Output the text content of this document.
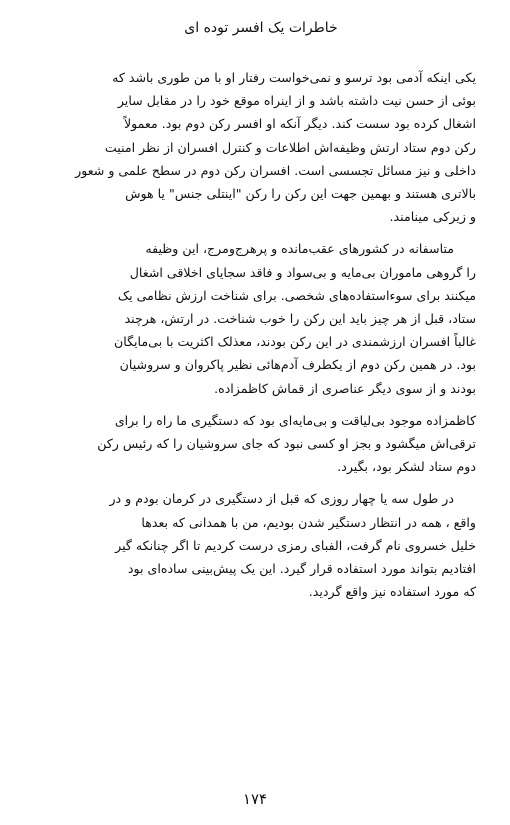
خاطرات یک افسر توده ای

یکی اینکه آدمی بود ترسو و نمی‌خواست رفتار او با من طوری باشد که
بوئی از حسن نیت داشته باشد و از اینراه موقع خود را در مقابل سایر
اشغال کرده بود سست کند. دیگر آنکه او افسر رکن دوم بود. معمولاً
رکن دوم ستاد ارتش وظیفه‌اش اطلاعات و کنترل افسران از نظر امنیت
داخلی و نیز مسائل تجسسی است. افسران رکن دوم در سطح علمی و شعور
بالاتری هستند و بهمین جهت این رکن را رکن "اینتلی جنس" یا هوش
و زیرکی مینامند.

متاسفانه در کشورهای عقب‌مانده و پرهرج‌ومرج، این وظیفه
را گروهی ماموران بی‌مایه و بی‌سواد و فاقد سجایای اخلاقی اشغال
میکنند برای سوءاستفاده‌های شخصی. برای شناخت ارزش نظامی یک
ستاد، قبل از هر چیز باید این رکن را خوب شناخت. در ارتش، هرچند
غالباً افسران ارزشمندی در این رکن بودند، معذلک اکثریت با بی‌مایگان
بود. در همین رکن دوم از یکطرف آدم‌هائی نظیر پاکروان و سروشیان
بودند و از سوی دیگر عناصری از قماش کاظمزاده.

کاظمزاده موجود بی‌لیاقت و بی‌مایه‌ای بود که دستگیری ما راه را برای
ترقی‌اش میگشود و بجز او کسی نبود که جای سروشیان را که رئیس رکن
دوم ستاد لشکر بود، بگیرد.

در طول سه یا چهار روزی که قبل از دستگیری در کرمان بودم و در
واقع ، همه در انتظار دستگیر شدن بودیم، من با همدانی که بعدها
خلیل خسروی نام گرفت، الفبای رمزی درست کردیم تا اگر چنانکه گیر
افتادیم بتواند مورد استفاده قرار گیرد. این یک پیش‌بینی ساده‌ای بود
که مورد استفاده نیز واقع گردید.

۱۷۴
